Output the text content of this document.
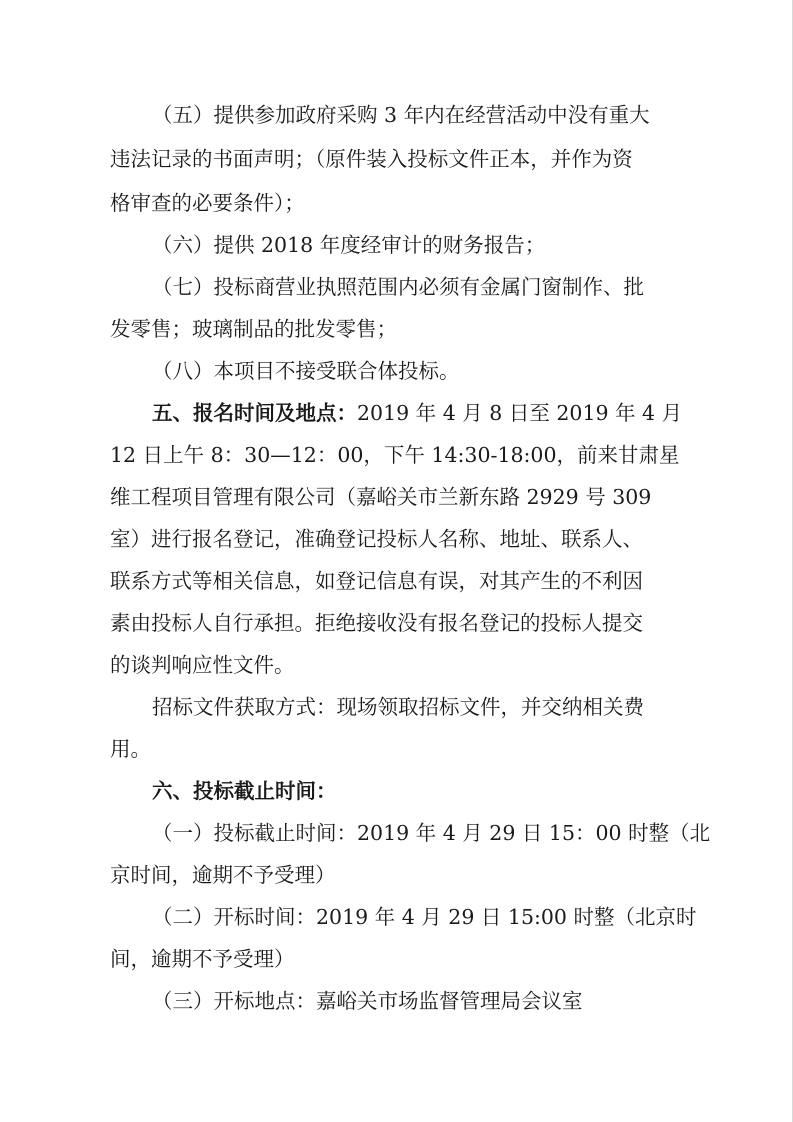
（五）提供参加政府采购 3 年内在经营活动中没有重大
违法记录的书面声明；（原件装入投标文件正本，并作为资
格审查的必要条件）；
（六）提供 2018 年度经审计的财务报告；
（七）投标商营业执照范围内必须有金属门窗制作、批
发零售；玻璃制品的批发零售；
（八）本项目不接受联合体投标。
五、报名时间及地点：2019 年 4 月 8 日至 2019 年 4 月
12 日上午 8：30—12：00，下午 14:30-18:00，前来甘肃星
维工程项目管理有限公司（嘉峪关市兰新东路 2929 号 309
室）进行报名登记，准确登记投标人名称、地址、联系人、
联系方式等相关信息，如登记信息有误，对其产生的不利因
素由投标人自行承担。拒绝接收没有报名登记的投标人提交
的谈判响应性文件。
招标文件获取方式：现场领取招标文件，并交纳相关费
用。
六、投标截止时间：
（一）投标截止时间：2019 年 4 月 29 日 15：00 时整（北
京时间，逾期不予受理）
（二）开标时间：2019 年 4 月 29 日 15:00 时整（北京时
间，逾期不予受理）
（三）开标地点：嘉峪关市场监督管理局会议室
